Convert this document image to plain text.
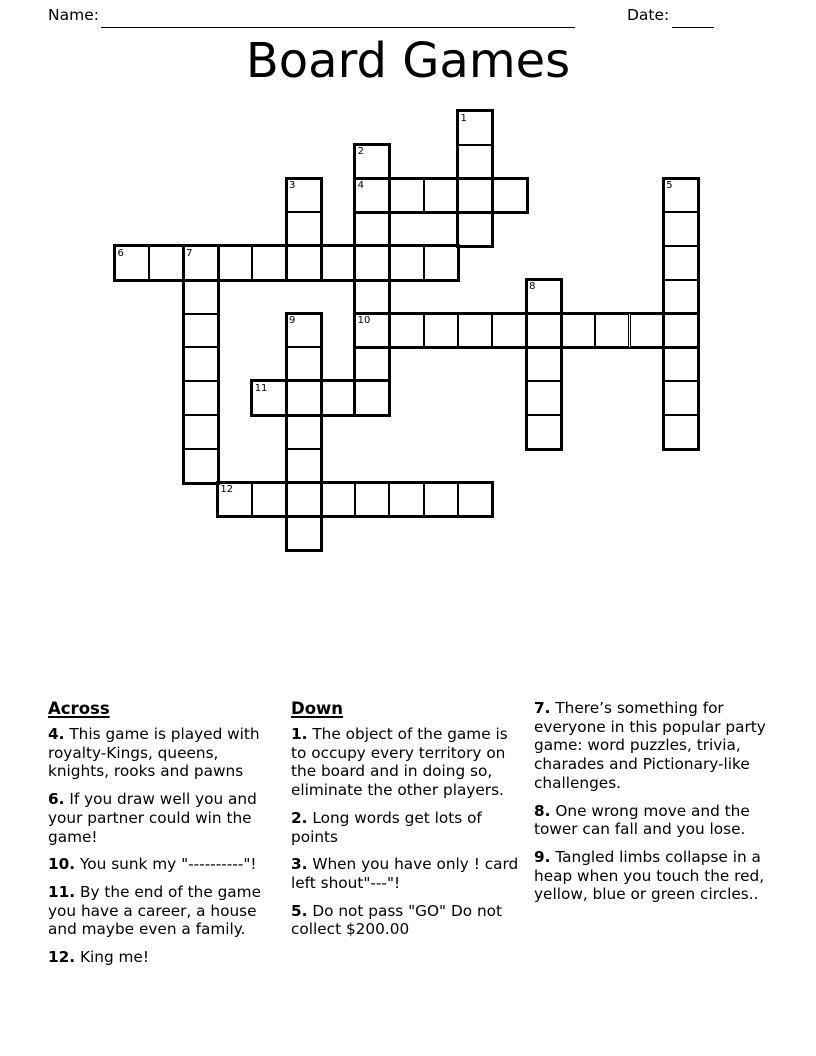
Name:	Date:
Board Games
1
2
3	4	5
6	7
8
9	10
11
12
Across

4. This game is played with royalty-Kings, queens, knights, rooks and pawns

6. If you draw well you and your partner could win the game!

10. You sunk my "----------"!

11. By the end of the game you have a career, a house and maybe even a family.

12. King me!

Down

1. The object of the game is to occupy every territory on the board and in doing so, eliminate the other players.

2. Long words get lots of points

3. When you have only ! card left shout"---"!

5. Do not pass "GO" Do not collect $200.00

7. There’s something for everyone in this popular party game: word puzzles, trivia, charades and Pictionary-like challenges.

8. One wrong move and the tower can fall and you lose.

9. Tangled limbs collapse in a heap when you touch the red, yellow, blue or green circles..
